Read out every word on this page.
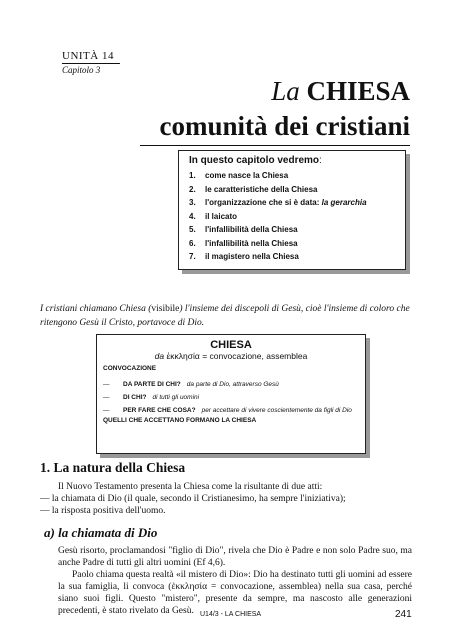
UNITÀ 14
Capitolo 3
La CHIESA
comunità dei cristiani
In questo capitolo vedremo:
1.	come nasce la Chiesa
2.	le caratteristiche della Chiesa
3.	l'organizzazione che si è data:
la gerarchia
4.	il laicato
5.	l'infallibilità della Chiesa
6.	l'infallibilità nella Chiesa
7.	il magistero nella Chiesa
I cristiani chiamano Chiesa (visibile) l'insieme dei discepoli di Gesù, cioè l'insieme di coloro che ritengono Gesù il Cristo, portavoce di Dio.
CHIESA
da ἐκκλησία = convocazione, assemblea
CONVOCAZIONE
—	DA PARTE DI CHI? da parte di Dio, attraverso Gesù
—	DI CHI? di tutti gli uomini
—	PER FARE CHE COSA? per accettare di vivere coscientemente da figli di Dio
QUELLI CHE ACCETTANO FORMANO LA CHIESA
1. La natura della Chiesa
Il Nuovo Testamento presenta la Chiesa come la risultante di due atti:
— la chiamata di Dio (il quale, secondo il Cristianesimo, ha sempre l'iniziativa);
— la risposta positiva dell'uomo.
a) la chiamata di Dio

Gesù risorto, proclamandosi "figlio di Dio", rivela che Dio è Padre e non solo Padre suo, ma anche Padre di tutti gli altri uomini (Ef 4,6).

Paolo chiama questa realtà «il mistero di Dio»: Dio ha destinato tutti gli uomini ad essere la sua famiglia, li convoca (ἐκκλησία = convocazione, assemblea) nella sua casa, perché siano suoi figli. Questo "mistero", presente da sempre, ma nascosto alle generazioni precedenti, è stato rivelato da Gesù. U14/3 - LA CHIESA	241
